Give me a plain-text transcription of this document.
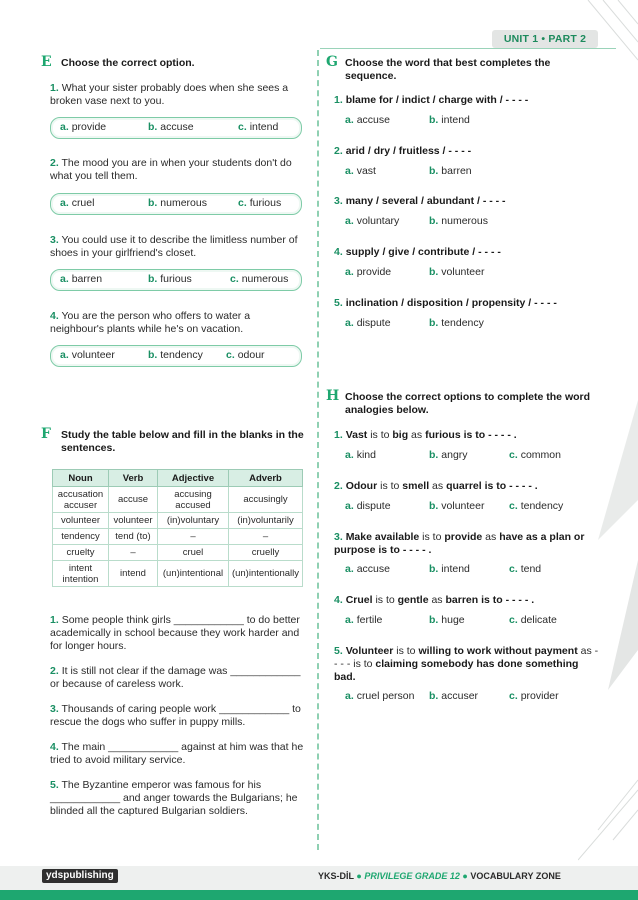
UNIT 1 • PART 2
E Choose the correct option.
1. What your sister probably does when she sees a broken vase next to you.
a. provide	b. accuse	c. intend
2. The mood you are in when your students don't do what you tell them.
a. cruel	b. numerous	c. furious
3. You could use it to describe the limitless number of shoes in your girlfriend's closet.
a. barren	b. furious	c. numerous
4. You are the person who offers to water a neighbour's plants while he's on vacation.
a. volunteer	b. tendency c. odour
F Study the table below and fill in the blanks in the sentences.
Noun	Verb	Adjective	Adverb
accusation accuser	accuse	accusing accused	accusingly
volunteer	volunteer	(in)voluntary	(in)voluntarily
tendency	tend (to)	–	–
cruelty	–	cruel	cruelly
intent intention	intend	(un)intentional	(un)intentionally
1. Some people think girls ____________ to do better academically in school because they work harder and for longer hours.
2. It is still not clear if the damage was ____________ or because of careless work.
3. Thousands of caring people work ____________ to rescue the dogs who suffer in puppy mills.
4. The main ____________ against at him was that he tried to avoid military service.
5. The Byzantine emperor was famous for his ____________ and anger towards the Bulgarians; he blinded all the captured Bulgarian soldiers.
G Choose the word that best completes the sequence.
1. blame for / indict / charge with / - - - -
a. accuse	b. intend
2. arid / dry / fruitless / - - - -
a. vast	b. barren
3. many / several / abundant / - - - -
a. voluntary	b. numerous
4. supply / give / contribute / - - - -
a. provide	b. volunteer
5. inclination / disposition / propensity / - - - -
a. dispute	b. tendency
H Choose the correct options to complete the word analogies below.
1. Vast is to big as furious is to - - - - .
a. kind	b. angry	c. common
2. Odour is to smell as quarrel is to - - - - .
a. dispute	b. volunteer c. tendency
3. Make available is to provide as have as a plan or purpose is to - - - - .
a. accuse	b. intend	c. tend
4. Cruel is to gentle as barren is to - - - - .
a. fertile	b. huge	c. delicate
5. Volunteer is to willing to work without payment as - - - - is to claiming somebody has done something bad.
a. cruel person b. accuser	c. provider
ydspublishing	YKS-DİL ● PRIVILEGE GRADE 12 ● VOCABULARY ZONE
